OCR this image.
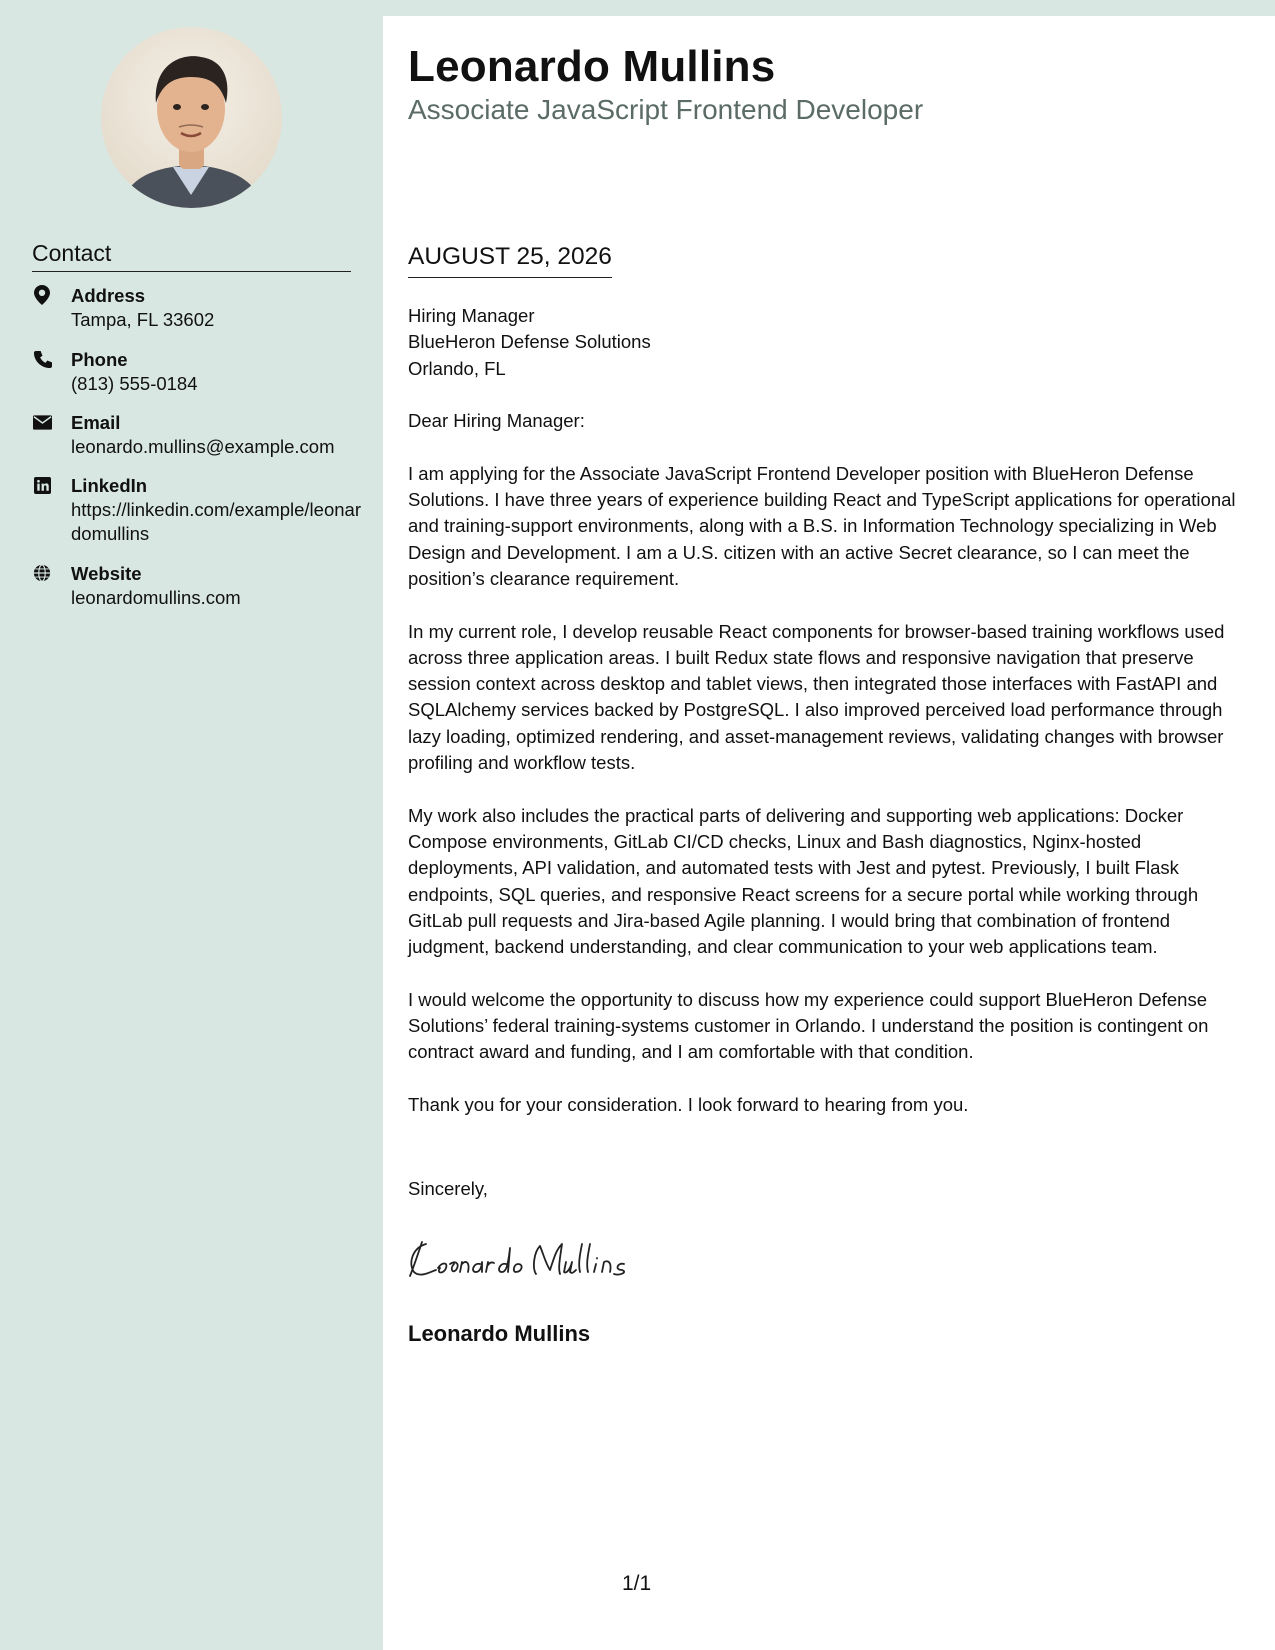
Contact
Address
Tampa, FL 33602
Phone
(813) 555-0184
Email
leonardo.mullins@example.com
LinkedIn
https://linkedin.com/example/leonardomullins
Website
leonardomullins.com
Leonardo Mullins
Associate JavaScript Frontend Developer
AUGUST 25, 2026
Hiring Manager
BlueHeron Defense Solutions
Orlando, FL

Dear Hiring Manager:

I am applying for the Associate JavaScript Frontend Developer position with BlueHeron Defense Solutions. I have three years of experience building React and TypeScript applications for operational and training-support environments, along with a B.S. in Information Technology specializing in Web Design and Development. I am a U.S. citizen with an active Secret clearance, so I can meet the position’s clearance requirement.

In my current role, I develop reusable React components for browser-based training workflows used across three application areas. I built Redux state flows and responsive navigation that preserve session context across desktop and tablet views, then integrated those interfaces with FastAPI and SQLAlchemy services backed by PostgreSQL. I also improved perceived load performance through lazy loading, optimized rendering, and asset-management reviews, validating changes with browser profiling and workflow tests.

My work also includes the practical parts of delivering and supporting web applications: Docker Compose environments, GitLab CI/CD checks, Linux and Bash diagnostics, Nginx-hosted deployments, API validation, and automated tests with Jest and pytest. Previously, I built Flask endpoints, SQL queries, and responsive React screens for a secure portal while working through GitLab pull requests and Jira-based Agile planning. I would bring that combination of frontend judgment, backend understanding, and clear communication to your web applications team.

I would welcome the opportunity to discuss how my experience could support BlueHeron Defense Solutions’ federal training-systems customer in Orlando. I understand the position is contingent on contract award and funding, and I am comfortable with that condition.

Thank you for your consideration. I look forward to hearing from you.

Sincerely,
Leonardo Mullins
1/1
